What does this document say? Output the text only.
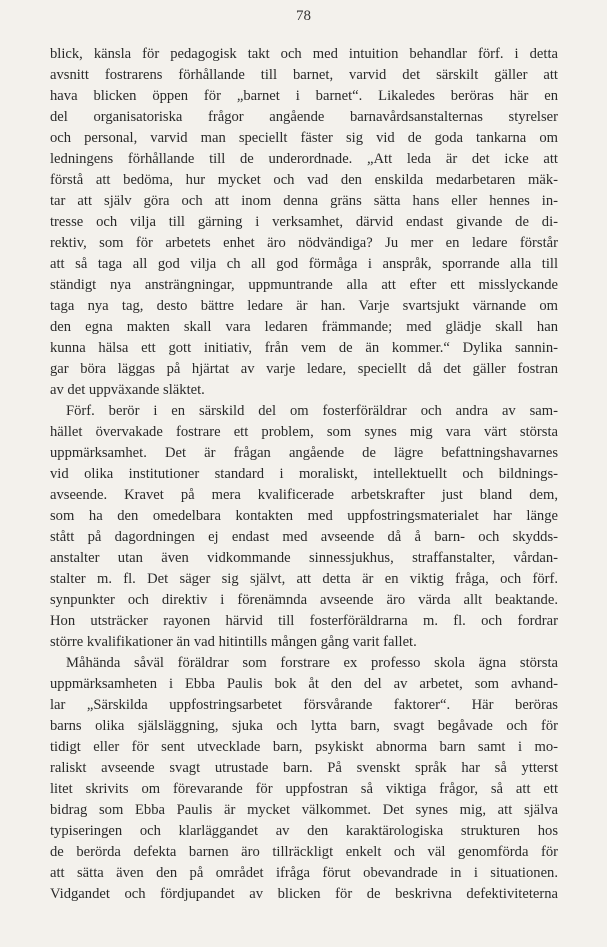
78
blick, känsla för pedagogisk takt och med intuition behandlar förf. i detta
avsnitt fostrarens förhållande till barnet, varvid det särskilt gäller att
hava blicken öppen för „barnet i barnet“. Likaledes beröras här en
del organisatoriska frågor angående barnavårdsanstalternas styrelser
och personal, varvid man speciellt fäster sig vid de goda tankarna om
ledningens förhållande till de underordnade. „Att leda är det icke att
förstå att bedöma, hur mycket och vad den enskilda medarbetaren mäk-
tar att själv göra och att inom denna gräns sätta hans eller hennes in-
tresse och vilja till gärning i verksamhet, därvid endast givande de di-
rektiv, som för arbetets enhet äro nödvändiga? Ju mer en ledare förstår
att så taga all god vilja ch all god förmåga i anspråk, sporrande alla till
ständigt nya ansträngningar, uppmuntrande alla att efter ett misslyckande
taga nya tag, desto bättre ledare är han. Varje svartsjukt värnande om
den egna makten skall vara ledaren främmande; med glädje skall han
kunna hälsa ett gott initiativ, från vem de än kommer.“ Dylika sannin-
gar böra läggas på hjärtat av varje ledare, speciellt då det gäller fostran
av det uppväxande släktet.
Förf. berör i en särskild del om fosterföräldrar och andra av sam-
hället övervakade fostrare ett problem, som synes mig vara värt största
uppmärksamhet. Det är frågan angående de lägre befattningshavarnes
vid olika institutioner standard i moraliskt, intellektuellt och bildnings-
avseende. Kravet på mera kvalificerade arbetskrafter just bland dem,
som ha den omedelbara kontakten med uppfostringsmaterialet har länge
stått på dagordningen ej endast med avseende då å barn- och skydds-
anstalter utan även vidkommande sinnessjukhus, straffanstalter, vårdan-
stalter m. fl. Det säger sig självt, att detta är en viktig fråga, och förf.
synpunkter och direktiv i förenämnda avseende äro värda allt beaktande.
Hon utsträcker rayonen härvid till fosterföräldrarna m. fl. och fordrar
större kvalifikationer än vad hitintills mången gång varit fallet.
Måhända såväl föräldrar som forstrare ex professo skola ägna största
uppmärksamheten i Ebba Paulis bok åt den del av arbetet, som avhand-
lar „Särskilda uppfostringsarbetet försvårande faktorer“. Här beröras
barns olika själsläggning, sjuka och lytta barn, svagt begåvade och för
tidigt eller för sent utvecklade barn, psykiskt abnorma barn samt i mo-
raliskt avseende svagt utrustade barn. På svenskt språk har så ytterst
litet skrivits om förevarande för uppfostran så viktiga frågor, så att ett
bidrag som Ebba Paulis är mycket välkommet. Det synes mig, att själva
typiseringen och klarläggandet av den karaktärologiska strukturen hos
de berörda defekta barnen äro tillräckligt enkelt och väl genomförda för
att sätta även den på området ifråga förut obevandrade in i situationen.
Vidgandet och fördjupandet av blicken för de beskrivna defektiviteterna
